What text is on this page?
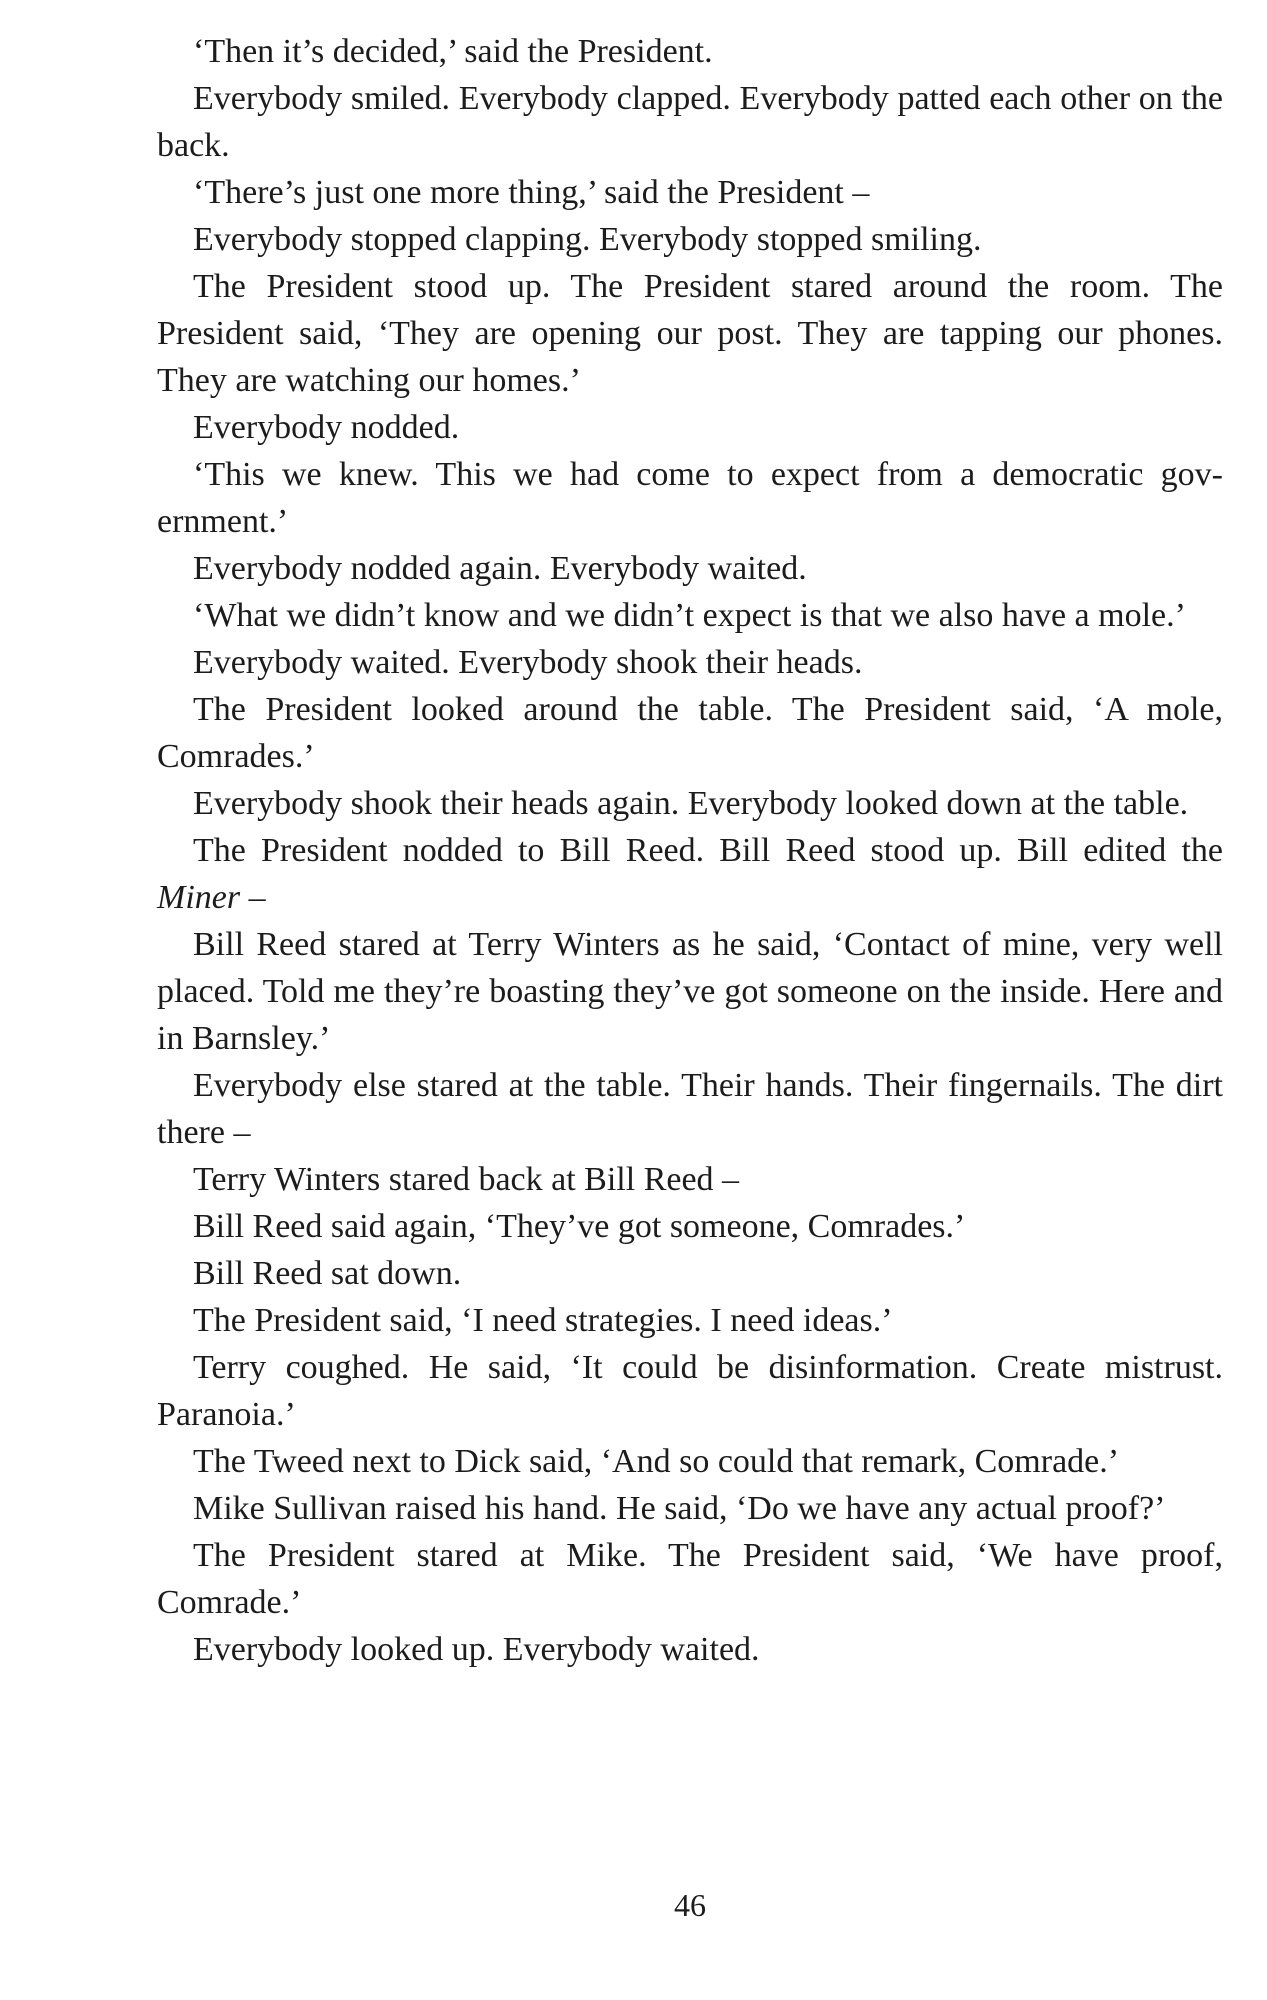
‘Then it’s decided,’ said the President.

Everybody smiled. Everybody clapped. Everybody patted each other on the back.

‘There’s just one more thing,’ said the President –

Everybody stopped clapping. Everybody stopped smiling.

The President stood up. The President stared around the room. The President said, ‘They are opening our post. They are tapping our phones. They are watching our homes.’

Everybody nodded.

‘This we knew. This we had come to expect from a democratic government.’

Everybody nodded again. Everybody waited.

‘What we didn’t know and we didn’t expect is that we also have a mole.’

Everybody waited. Everybody shook their heads.

The President looked around the table. The President said, ‘A mole, Comrades.’

Everybody shook their heads again. Everybody looked down at the table.

The President nodded to Bill Reed. Bill Reed stood up. Bill edited the Miner –

Bill Reed stared at Terry Winters as he said, ‘Contact of mine, very well placed. Told me they’re boasting they’ve got someone on the inside. Here and in Barnsley.’

Everybody else stared at the table. Their hands. Their fingernails. The dirt there –

Terry Winters stared back at Bill Reed –

Bill Reed said again, ‘They’ve got someone, Comrades.’

Bill Reed sat down.

The President said, ‘I need strategies. I need ideas.’

Terry coughed. He said, ‘It could be disinformation. Create mistrust. Paranoia.’

The Tweed next to Dick said, ‘And so could that remark, Comrade.’

Mike Sullivan raised his hand. He said, ‘Do we have any actual proof?’

The President stared at Mike. The President said, ‘We have proof, Comrade.’

Everybody looked up. Everybody waited.

46
